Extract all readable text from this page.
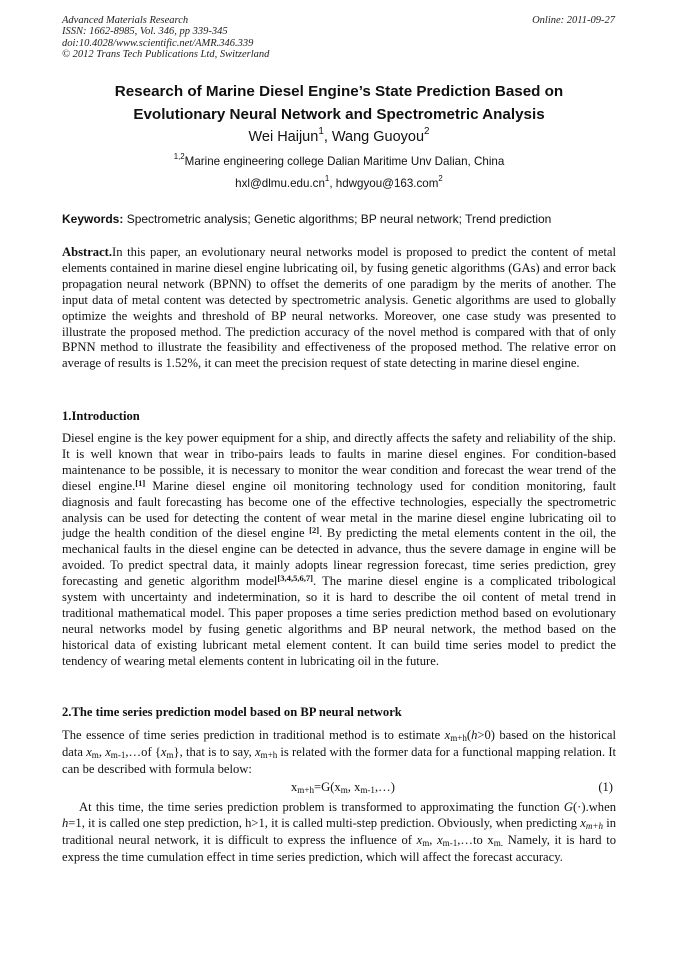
Advanced Materials Research
ISSN: 1662-8985, Vol. 346, pp 339-345
doi:10.4028/www.scientific.net/AMR.346.339
© 2012 Trans Tech Publications Ltd, Switzerland
Online: 2011-09-27
Research of Marine Diesel Engine’s State Prediction Based on
Evolutionary Neural Network and Spectrometric Analysis
Wei Haijun$^1$, Wang Guoyou$^2$
$^{1,2}$Marine engineering college Dalian Maritime Unv Dalian, China
$hxl@dlmu.edu.cn^1$, hdwgyou@163.com$^2$
Keywords: Spectrometric analysis; Genetic algorithms; BP neural network; Trend prediction

Abstract.In this paper, an evolutionary neural networks model is proposed to predict the content of metal elements contained in marine diesel engine lubricating oil, by fusing genetic algorithms (GAs) and error back propagation neural network (BPNN) to offset the demerits of one paradigm by the merits of another. The input data of metal content was detected by spectrometric analysis. Genetic algorithms are used to globally optimize the weights and threshold of BP neural networks. Moreover, one case study was presented to illustrate the proposed method. The prediction accuracy of the novel method is compared with that of only BPNN method to illustrate the feasibility and effectiveness of the proposed method. The relative error on average of results is 1.52%, it can meet the precision request of state detecting in marine diesel engine.

1.Introduction

Diesel engine is the key power equipment for a ship, and directly affects the safety and reliability of the ship. It is well known that wear in tribo-pairs leads to faults in marine diesel engines. For condition-based maintenance to be possible, it is necessary to monitor the wear condition and forecast the wear trend of the diesel engine.[1] Marine diesel engine oil monitoring technology used for condition monitoring, fault diagnosis and fault forecasting has become one of the effective technologies, especially the spectrometric analysis can be used for detecting the content of wear metal in the marine diesel engine lubricating oil to judge the health condition of the diesel engine [2]. By predicting the metal elements content in the oil, the mechanical faults in the diesel engine can be detected in advance, thus the severe damage in engine will be avoided. To predict spectral data, it mainly adopts linear regression forecast, time series prediction, grey forecasting and genetic algorithm model[3,4,5,6,7]. The marine diesel engine is a complicated tribological system with uncertainty and indetermination, so it is hard to describe the oil content of metal trend in traditional mathematical model. This paper proposes a time series prediction method based on evolutionary neural networks model by fusing genetic algorithms and BP neural network, the method based on the historical data of existing lubricant metal element content. It can build time series model to predict the tendency of wearing metal elements content in lubricating oil in the future.

2.The time series prediction model based on BP neural network

The essence of time series prediction in traditional method is to estimate $x_{m+h}(h>0)$ based on the historical data $x_m$, $x_{m-1},\dots of$ $\{x_m\}$, that is to say, $x_{m+h}$ is related with the former data for a functional mapping relation. It can be described with formula below:

$x_{m+h}=G(x_m$, $x_{m-1},\dots$)	(1)

At this time, the time series prediction problem is transformed to approximating the function G(·).when h=1, it is called one step prediction, h>1, it is called multi-step prediction. Obviously, when predicting $x_{m+h}$ in traditional neural network, it is difficult to express the influence of $x_m$, $x_{m-1},\dots to$ $x_{m.}$ Namely, it is hard to express the time cumulation effect in time series prediction, which will affect the forecast accuracy.
